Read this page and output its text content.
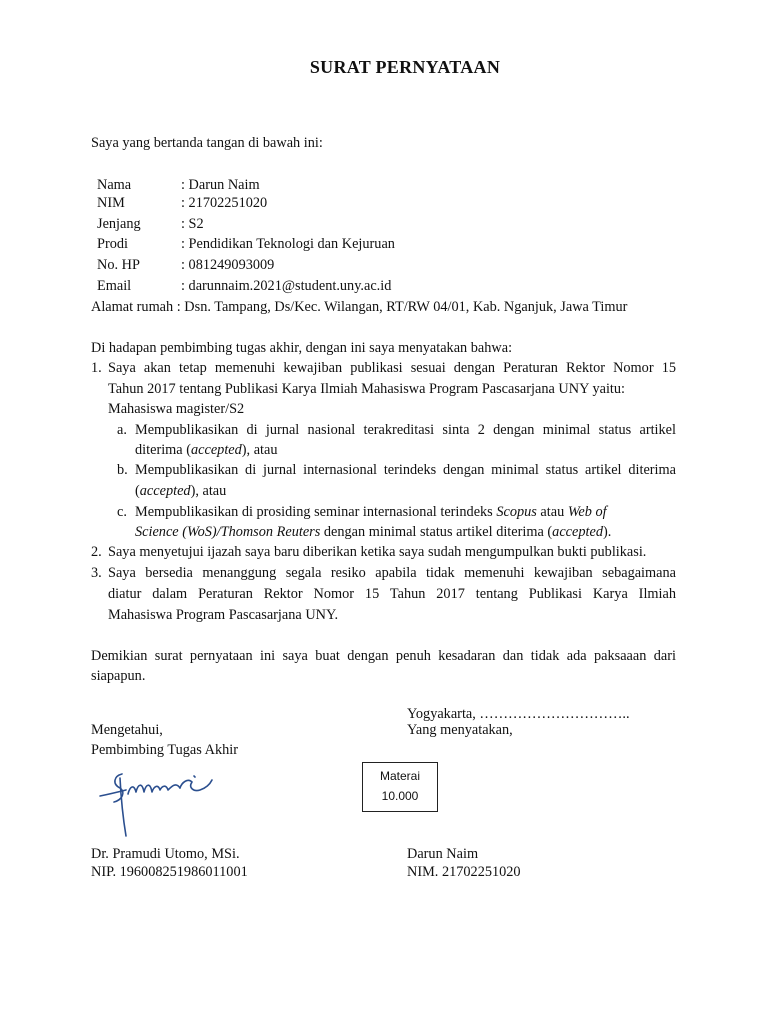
SURAT PERNYATAAN
Saya yang bertanda tangan di bawah ini:
Nama	: Darun Naim
NIM	: 21702251020
Jenjang	: S2
Prodi	: Pendidikan Teknologi dan Kejuruan
No. HP	: 081249093009
Email	: darunnaim.2021@student.uny.ac.id
Alamat rumah : Dsn. Tampang, Ds/Kec. Wilangan, RT/RW 04/01, Kab. Nganjuk, Jawa Timur
Di hadapan pembimbing tugas akhir, dengan ini saya menyatakan bahwa:
1. Saya akan tetap memenuhi kewajiban publikasi sesuai dengan Peraturan Rektor Nomor 15
Tahun 2017 tentang Publikasi Karya Ilmiah Mahasiswa Program Pascasarjana UNY yaitu:
Mahasiswa magister/S2
a. Mempublikasikan di jurnal nasional terakreditasi sinta 2 dengan minimal status artikel
diterima (accepted), atau
b. Mempublikasikan di jurnal internasional terindeks dengan minimal status artikel diterima
(accepted), atau
c. Mempublikasikan di prosiding seminar internasional terindeks Scopus atau Web of
Science (WoS)/Thomson Reuters dengan minimal status artikel diterima (accepted).
2. Saya menyetujui ijazah saya baru diberikan ketika saya sudah mengumpulkan bukti publikasi.
3. Saya bersedia menanggung segala resiko apabila tidak memenuhi kewajiban sebagaimana
diatur dalam Peraturan Rektor Nomor 15 Tahun 2017 tentang Publikasi Karya Ilmiah
Mahasiswa Program Pascasarjana UNY.
Demikian surat pernyataan ini saya buat dengan penuh kesadaran dan tidak ada paksaaan dari
siapapun.
Yogyakarta, …………………………..
Mengetahui,	Yang menyatakan,
Pembimbing Tugas Akhir
Materai
10.000
Dr. Pramudi Utomo, MSi.	Darun Naim
NIP. 196008251986011001	NIM. 21702251020
